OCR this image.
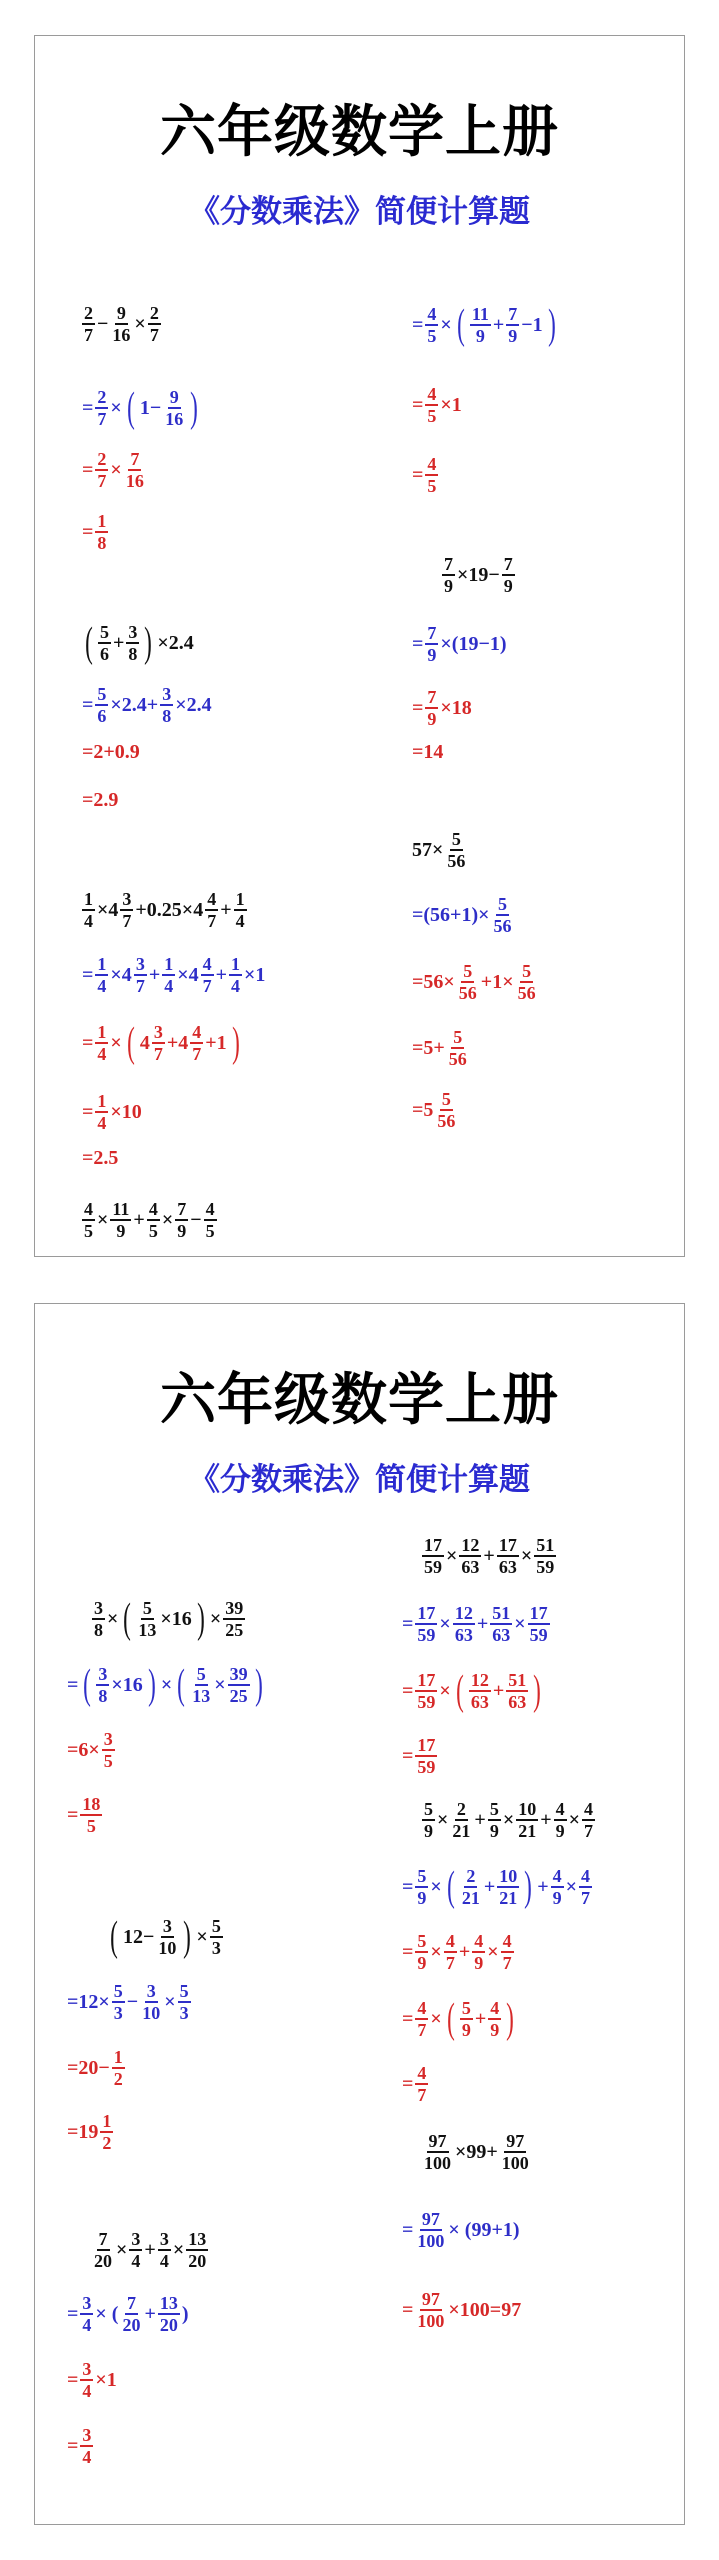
六年级数学上册
《分数乘法》简便计算题
$\frac{2}{7} - \frac{9}{16} \times \frac{2}{7}$
= $\frac{2}{7}$ × ( $1- \frac{9}{16}$ )
= $\frac{2}{7} \times \frac{7}{16}$
= $\frac{1}{8}$
( $\frac{5}{6} + \frac{3}{8}$ ) ×2.4
= $\frac{5}{6} \times 2.4+ \frac{3}{8} \times 2.4$
=2+0.9
=2.9
$\frac{1}{4} \times 4 \frac{3}{7} +0.25\times 4 \frac{4}{7} + \frac{1}{4}$
= $\frac{1}{4} \times 4 \frac{3}{7} + \frac{1}{4} \times 4 \frac{4}{7} + \frac{1}{4} \times 1$
= $\frac{1}{4}$ × ( $4 \frac{3}{7} +4 \frac{4}{7} +1$ )
= $\frac{1}{4} \times 10$
=2.5
$\frac{4}{5} \times \frac{11}{9} + \frac{4}{5} \times \frac{7}{9} - \frac{4}{5}$
= $\frac{4}{5}$ × ( $\frac{11}{9} + \frac{7}{9} -1$ )
= $\frac{4}{5} \times 1$
= $\frac{4}{5}$
$\frac{7}{9} \times 19- \frac{7}{9}$
= $\frac{7}{9} \times(19-1)$
= $\frac{7}{9} \times 18$
=14
$57\times \frac{5}{56}$
$=(56+1)\times \frac{5}{56}$
$=56\times \frac{5}{56} +1\times \frac{5}{56}$
$=5+ \frac{5}{56}$
$=5 \frac{5}{56}$
六年级数学上册
《分数乘法》简便计算题
$\frac{3}{8}$ × ( $\frac{5}{13} \times 16$ ) × $\frac{39}{25}$
= ( $\frac{3}{8} \times 16$ ) × ( $\frac{5}{13} \times \frac{39}{25}$ )
$=6\times \frac{3}{5}$
= $\frac{18}{5}$
( $12- \frac{3}{10}$ ) × $\frac{5}{3}$
$=12\times \frac{5}{3} - \frac{3}{10} \times \frac{5}{3}$
$=20- \frac{1}{2}$
$=19 \frac{1}{2}$
$\frac{7}{20} \times \frac{3}{4} + \frac{3}{4} \times \frac{13}{20}$
= $\frac{3}{4}$ × ( $\frac{7}{20} + \frac{13}{20}$ )
= $\frac{3}{4} \times 1$
= $\frac{3}{4}$
$\frac{17}{59} \times \frac{12}{63} + \frac{17}{63} \times \frac{51}{59}$
= $\frac{17}{59} \times \frac{12}{63} + \frac{51}{63} \times \frac{17}{59}$
= $\frac{17}{59}$ × ( $\frac{12}{63} + \frac{51}{63}$ )
= $\frac{17}{59}$
$\frac{5}{9} \times \frac{2}{21} + \frac{5}{9} \times \frac{10}{21} + \frac{4}{9} \times \frac{4}{7}$
= $\frac{5}{9}$ × ( $\frac{2}{21} + \frac{10}{21}$ ) + $\frac{4}{9} \times \frac{4}{7}$
= $\frac{5}{9} \times \frac{4}{7} + \frac{4}{9} \times \frac{4}{7}$
= $\frac{4}{7}$ × ( $\frac{5}{9} + \frac{4}{9}$ )
= $\frac{4}{7}$
$\frac{97}{100} \times 99+ \frac{97}{100}$
= $\frac{97}{100} \times (99+1)$
= $\frac{97}{100} \times 100=97$
